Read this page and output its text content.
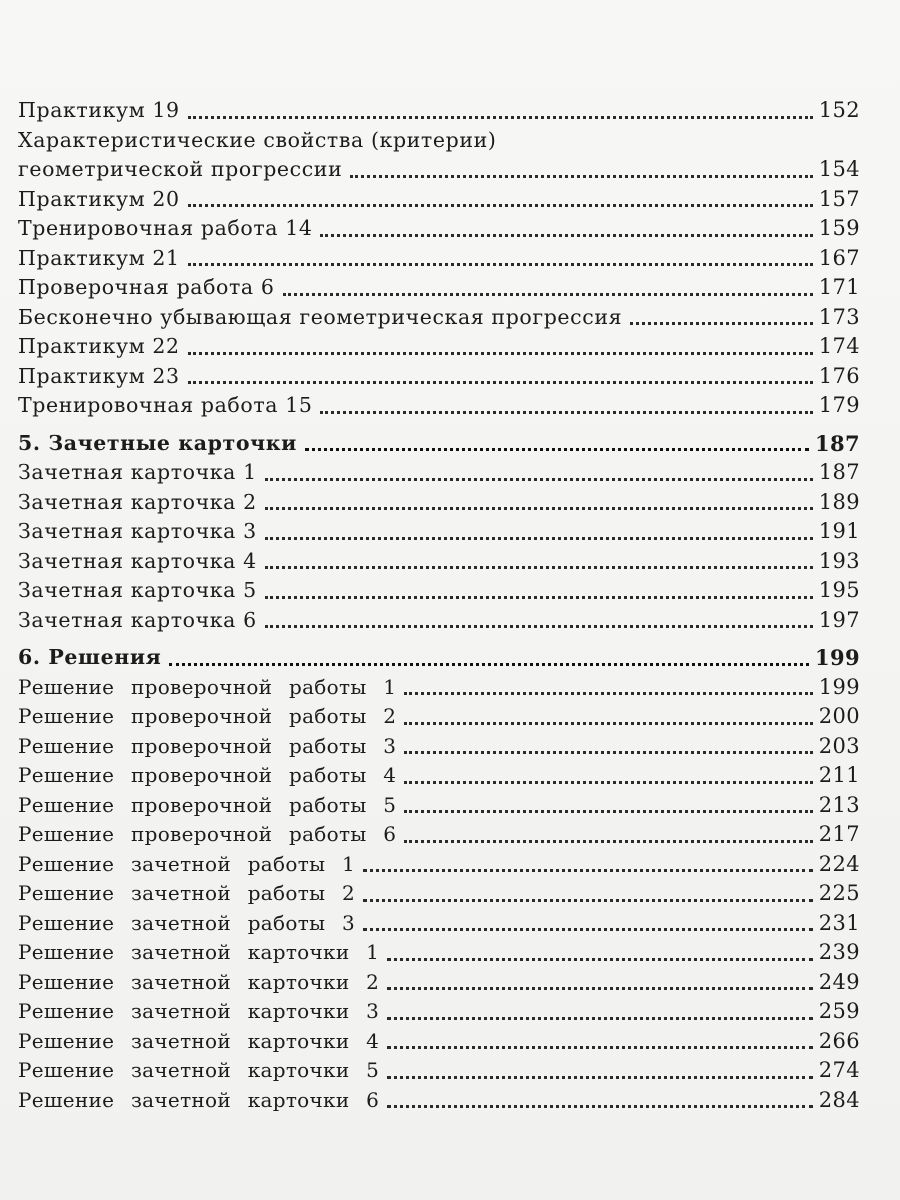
Практикум 19	152
Характеристические свойства (критерии)
геометрической прогрессии	154
Практикум 20	157
Тренировочная работа 14	159
Практикум 21	167
Проверочная работа 6	171
Бесконечно убывающая геометрическая прогрессия	173
Практикум 22	174
Практикум 23	176
Тренировочная работа 15	179
5. Зачетные карточки	187
Зачетная карточка 1	187
Зачетная карточка 2	189
Зачетная карточка 3	191
Зачетная карточка 4	193
Зачетная карточка 5	195
Зачетная карточка 6	197
6. Решения	199
Решение проверочной работы 1	199
Решение проверочной работы 2	200
Решение проверочной работы 3	203
Решение проверочной работы 4	211
Решение проверочной работы 5	213
Решение проверочной работы 6	217
Решение зачетной работы 1	224
Решение зачетной работы 2	225
Решение зачетной работы 3	231
Решение зачетной карточки 1	239
Решение зачетной карточки 2	249
Решение зачетной карточки 3	259
Решение зачетной карточки 4	266
Решение зачетной карточки 5	274
Решение зачетной карточки 6	284
